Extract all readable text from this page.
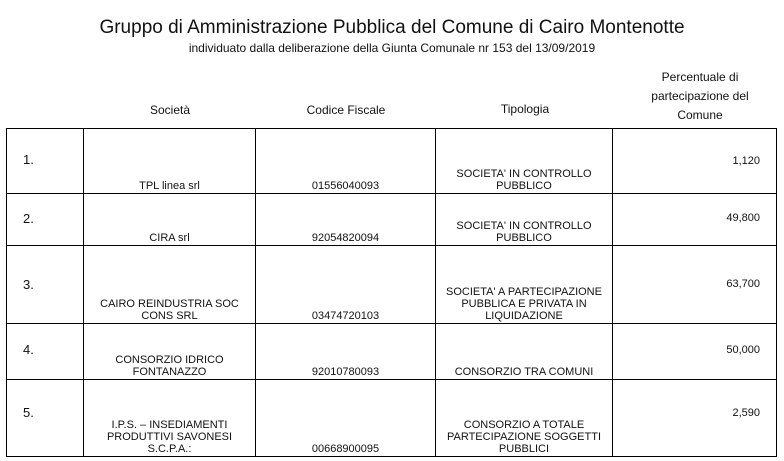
Gruppo di Amministrazione Pubblica del Comune di Cairo Montenotte
individuato dalla deliberazione della Giunta Comunale nr 153 del 13/09/2019
Società	Codice Fiscale	Tipologia
Percentuale di
partecipazione del
Comune
1.	TPL linea srl	01556040093	SOCIETA' IN CONTROLLO
PUBBLICO	1,120

2.	CIRA srl	92054820094	SOCIETA' IN CONTROLLO
PUBBLICO	49,800

3.	CAIRO REINDUSTRIA SOC
CONS SRL	03474720103	SOCIETA' A PARTECIPAZIONE
PUBBLICA E PRIVATA IN
LIQUIDAZIONE	63,700

4.	CONSORZIO IDRICO
FONTANAZZO	92010780093	CONSORZIO TRA COMUNI	50,000

5.	I.P.S. – INSEDIAMENTI
PRODUTTIVI SAVONESI
S.C.P.A.:	00668900095	CONSORZIO A TOTALE
PARTECIPAZIONE SOGGETTI
PUBBLICI	2,590
